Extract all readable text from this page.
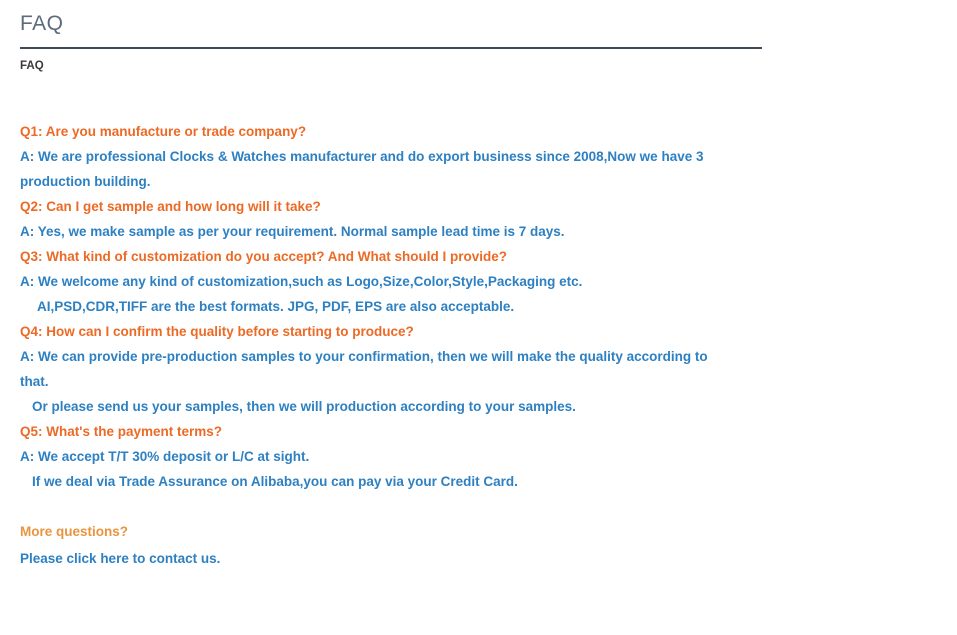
FAQ
FAQ
Q1: Are you manufacture or trade company?
A: We are professional Clocks & Watches manufacturer and do export business since 2008,Now we have 3
production building.
Q2: Can I get sample and how long will it take?
A: Yes, we make sample as per your requirement. Normal sample lead time is 7 days.
Q3: What kind of customization do you accept? And What should I provide?
A: We welcome any kind of customization,such as Logo,Size,Color,Style,Packaging etc.
AI,PSD,CDR,TIFF are the best formats. JPG, PDF, EPS are also acceptable.
Q4: How can I confirm the quality before starting to produce?
A: We can provide pre-production samples to your confirmation, then we will make the quality according to
that.
Or please send us your samples, then we will production according to your samples.
Q5: What's the payment terms?
A: We accept T/T 30% deposit or L/C at sight.
If we deal via Trade Assurance on Alibaba,you can pay via your Credit Card.
More questions?
Please click here to contact us.
